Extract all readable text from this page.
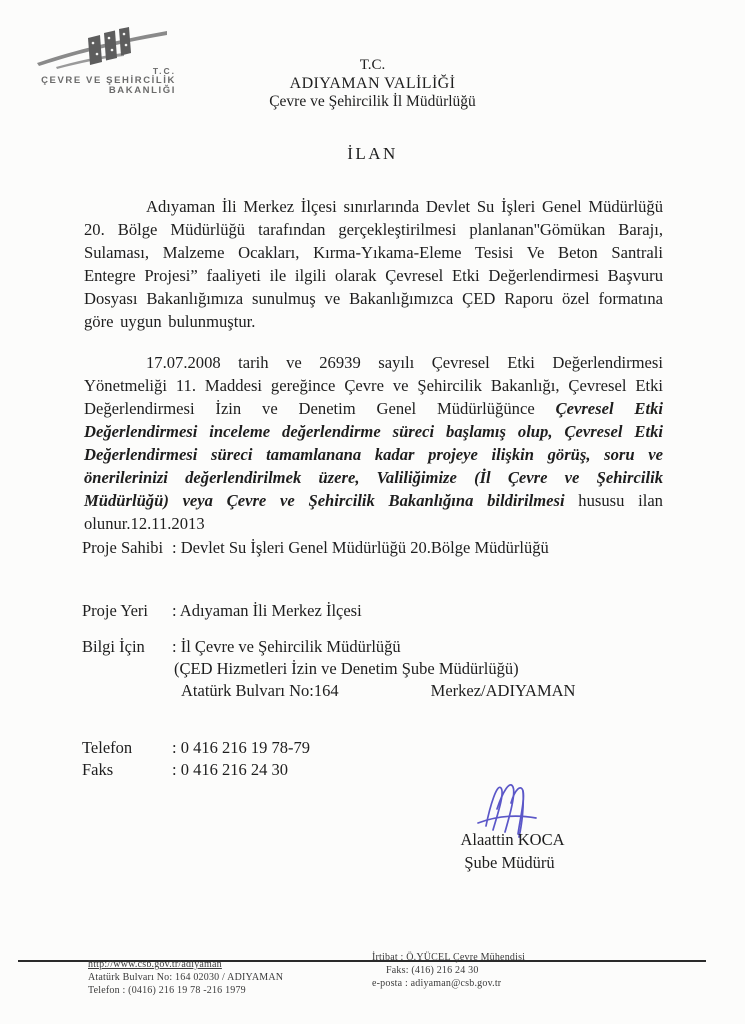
T.C.
ÇEVRE VE ŞEHİRCİLİK
BAKANLIĞI
T.C.
ADIYAMAN VALİLİĞİ
Çevre ve Şehircilik İl Müdürlüğü
İLAN

Adıyaman İli Merkez İlçesi sınırlarında Devlet Su İşleri Genel Müdürlüğü 20. Bölge Müdürlüğü tarafından gerçekleştirilmesi planlanan''Gömükan Barajı, Sulaması, Malzeme Ocakları, Kırma-Yıkama-Eleme Tesisi Ve Beton Santrali Entegre Projesi” faaliyeti ile ilgili olarak Çevresel Etki Değerlendirmesi Başvuru Dosyası Bakanlığımıza sunulmuş ve Bakanlığımızca ÇED Raporu özel formatına göre uygun bulunmuştur.

17.07.2008 tarih ve 26939 sayılı Çevresel Etki Değerlendirmesi Yönetmeliği 11. Maddesi gereğince Çevre ve Şehircilik Bakanlığı, Çevresel Etki Değerlendirmesi İzin ve Denetim Genel Müdürlüğünce Çevresel Etki Değerlendirmesi inceleme değerlendirme süreci başlamış olup, Çevresel Etki Değerlendirmesi süreci tamamlanana kadar projeye ilişkin görüş, soru ve önerilerinizi değerlendirilmek üzere, Valiliğimize (İl Çevre ve Şehircilik Müdürlüğü) veya Çevre ve Şehircilik Bakanlığına bildirilmesi hususu ilan olunur.12.11.2013

Proje Sahibi : Devlet Su İşleri Genel Müdürlüğü 20.Bölge Müdürlüğü
Proje Yeri	: Adıyaman İli Merkez İlçesi
Bilgi İçin	: İl Çevre ve Şehircilik Müdürlüğü
(ÇED Hizmetleri İzin ve Denetim Şube Müdürlüğü)
Atatürk Bulvarı No:164	Merkez/ADIYAMAN
Telefon	: 0 416 216 19 78-79
Faks	: 0 416 216 24 30
Alaattin KOCA
Şube Müdürü
İrtibat : Ö.YÜCEL Çevre Mühendisi
http://www.csb.gov.tr/adiyaman
Atatürk Bulvarı No: 164 02030 / ADIYAMAN
Faks: (416) 216 24 30
Telefon : (0416) 216 19 78 -216 1979
e-posta : adiyaman@csb.gov.tr
